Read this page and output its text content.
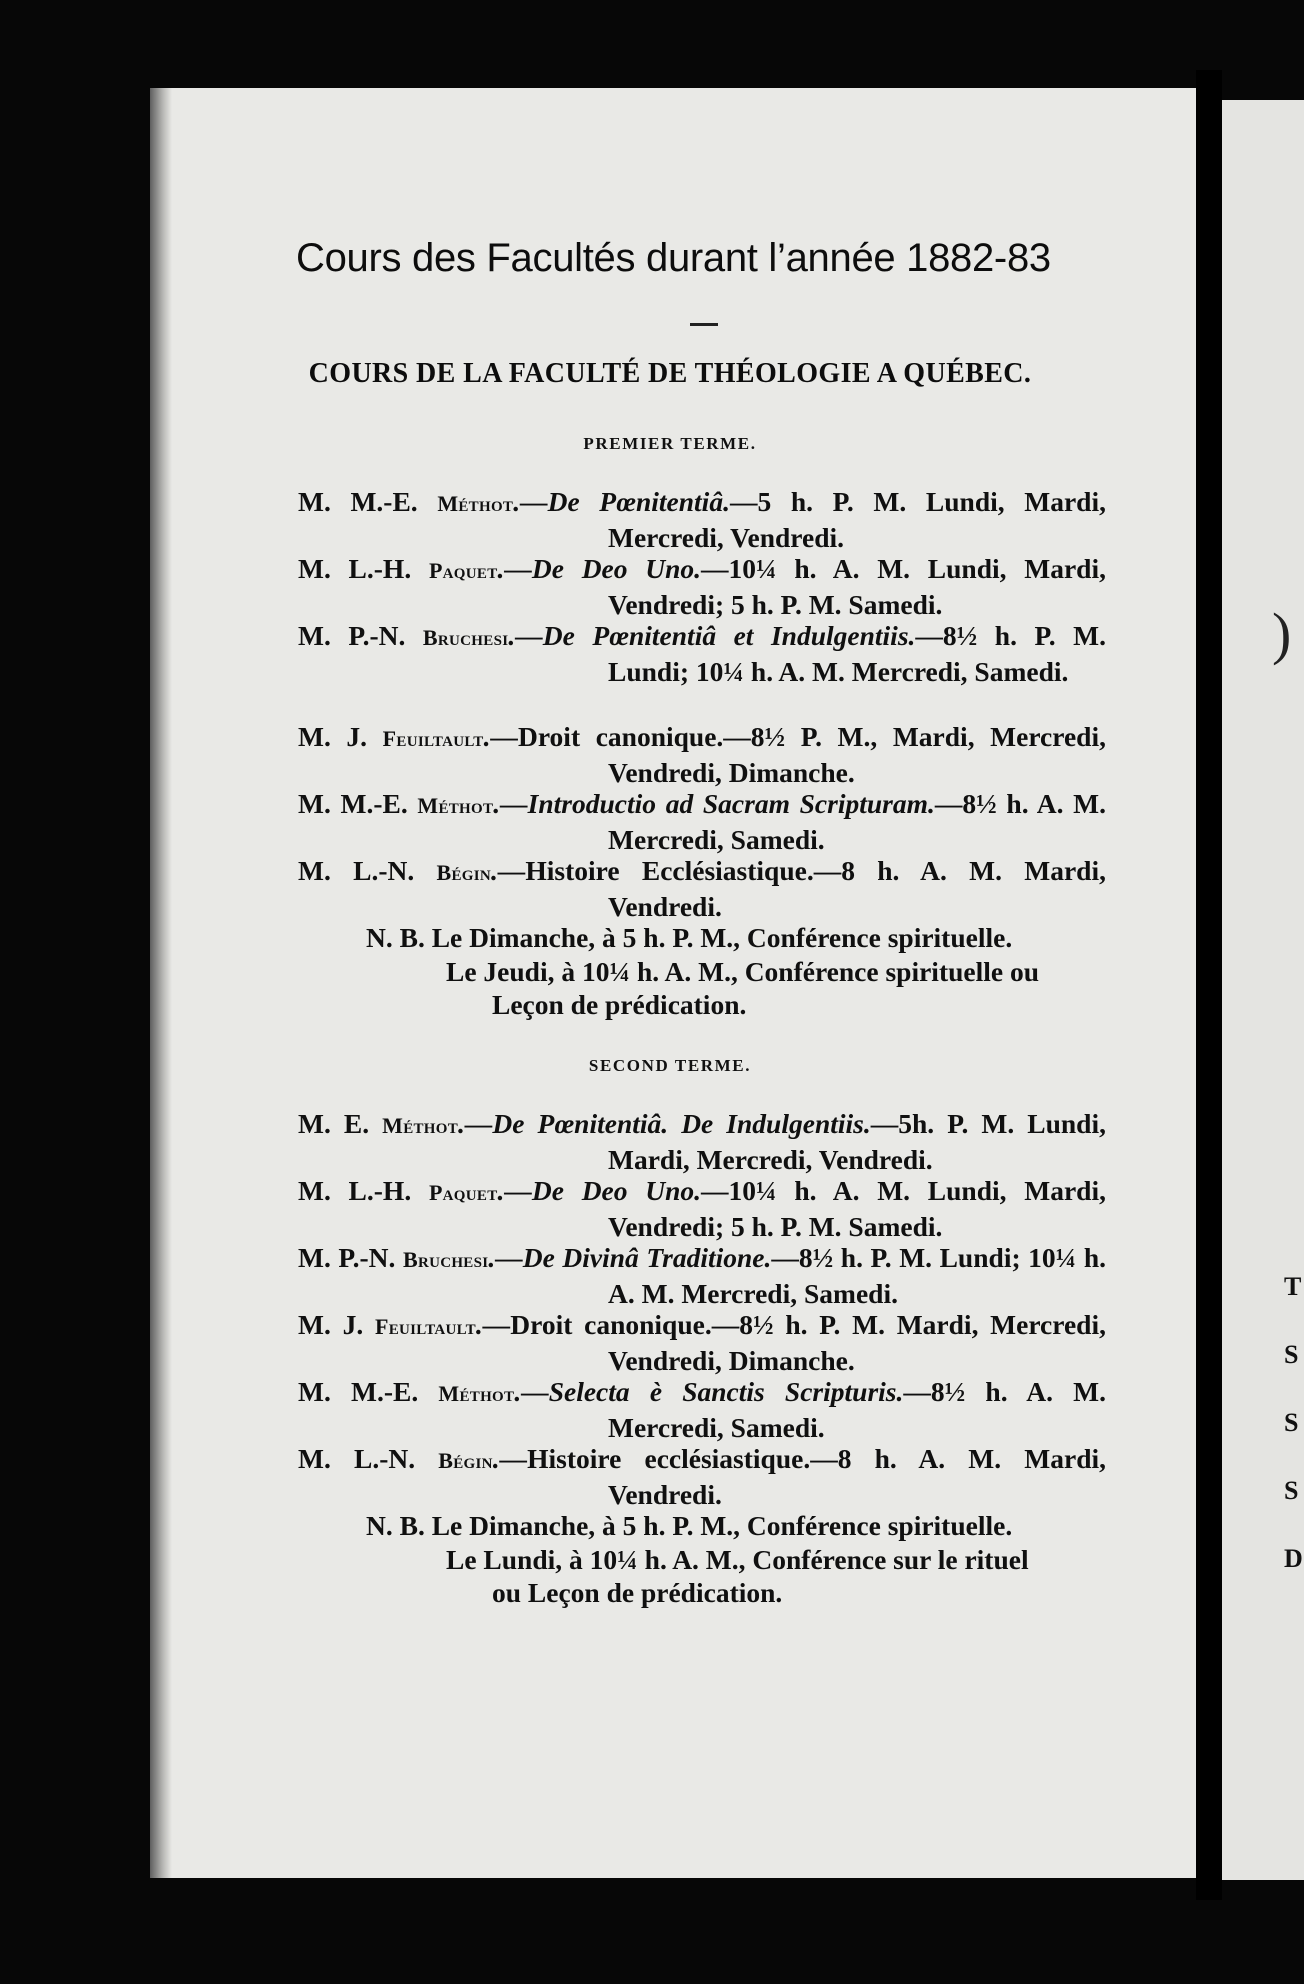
)
T
S
S
S
D
Cours des Facultés durant l’année 1882-83
COURS DE LA FACULTÉ DE THÉOLOGIE A QUÉBEC.
PREMIER TERME.

M. M.-E. Méthot.—De Pœnitentiâ.—5 h. P. M. Lundi, Mardi, Mercredi, Vendredi.

M. L.-H. Paquet.—De Deo Uno.—10¼ h. A. M. Lundi, Mardi, Vendredi; 5 h. P. M. Samedi.

M. P.-N. Bruchesi.—De Pœnitentiâ et Indulgentiis.—8½ h. P. M. Lundi; 10¼ h. A. M. Mercredi, Samedi.

M. J. Feuiltault.—Droit canonique.—8½ P. M., Mardi, Mercredi, Vendredi, Dimanche.

M. M.-E. Méthot.—Introductio ad Sacram Scripturam.—8½ h. A. M. Mercredi, Samedi.

M. L.-N. Bégin.—Histoire Ecclésiastique.—8 h. A. M. Mardi, Vendredi.

N. B. Le Dimanche, à 5 h. P. M., Conférence spirituelle.
Le Jeudi, à 10¼ h. A. M., Conférence spirituelle ou
Leçon de prédication.
SECOND TERME.

M. E. Méthot.—De Pœnitentiâ. De Indulgentiis.—5h. P. M. Lundi, Mardi, Mercredi, Vendredi.

M. L.-H. Paquet.—De Deo Uno.—10¼ h. A. M. Lundi, Mardi, Vendredi; 5 h. P. M. Samedi.

M. P.-N. Bruchesi.—De Divinâ Traditione.—8½ h. P. M. Lundi; 10¼ h. A. M. Mercredi, Samedi.

M. J. Feuiltault.—Droit canonique.—8½ h. P. M. Mardi, Mercredi, Vendredi, Dimanche.

M. M.-E. Méthot.—Selecta è Sanctis Scripturis.—8½ h. A. M. Mercredi, Samedi.

M. L.-N. Bégin.—Histoire ecclésiastique.—8 h. A. M. Mardi, Vendredi.

N. B. Le Dimanche, à 5 h. P. M., Conférence spirituelle.
Le Lundi, à 10¼ h. A. M., Conférence sur le rituel
ou Leçon de prédication.
